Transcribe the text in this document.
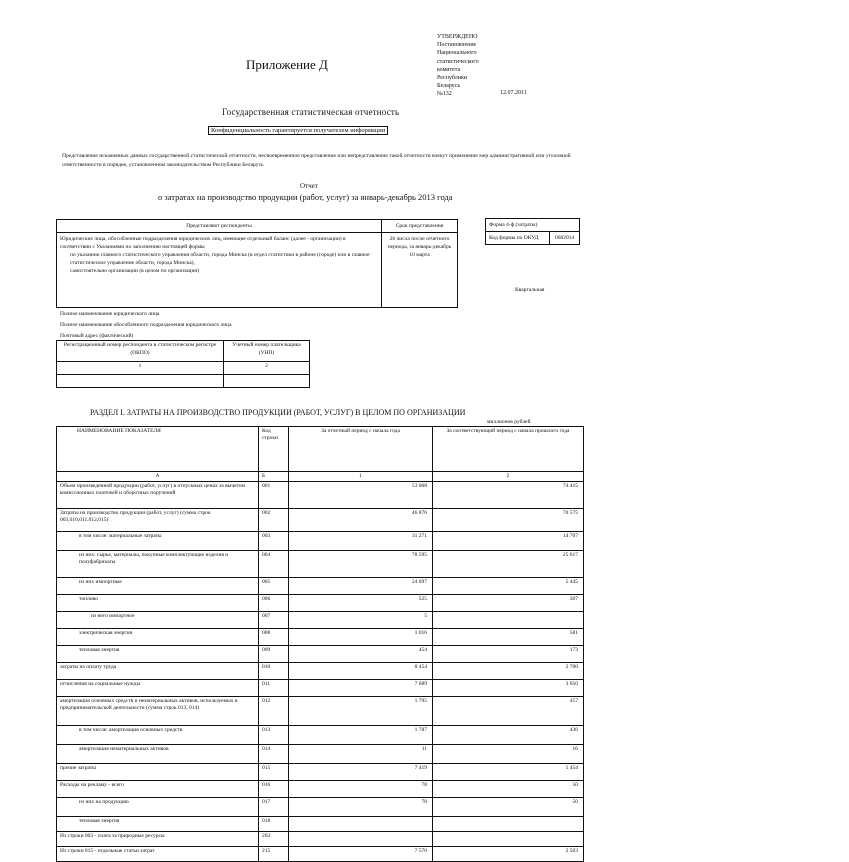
Приложение Д
УТВЕРЖДЕНО
Постановление
Национального
статистического
комитета
Республики
Беларусь
№132	12.07.2011
Государственная статистическая отчетность
Конфиденциальность гарантируется получателем информации
Представление искаженных данных государственной статистической отчетности, несвоевременное представление или непредставление такой отчетности влекут применение мер административной или уголовной ответственности в порядке, установленном законодательством Республики Беларусь
Отчет
о затратах на производство продукции (работ, услуг) за январь-декабрь 2013 года
Представляют респонденты	Срок представления

Юридические лица, обособленные подразделения юридических лиц, имеющие отдельный баланс (далее - организации) в соответствии с Указаниями по заполнению настоящей формы
по указанию главного статистического управления области, города Минска (в отдел статистики в районе (городе) или в главное статистическое управление области, города Минска),
самостоятельно организации (в целом по организации)	26 числа после отчетного периода, за январь-декабрь 10 марта
Форма 4-ф (затраты)
Код формы по ОКУД	0602014
Квартальная
Полное наименование юридического лица
Полное наименование обособленного подразделения юридического лица
Почтовый адрес (фактический)
Регистрационный номер респондента в статистическом регистре (ОКПО)	Учетный номер плательщика (УНП)
1	2

РАЗДЕЛ I. ЗАТРАТЫ НА ПРОИЗВОДСТВО ПРОДУКЦИИ (РАБОТ, УСЛУГ) В ЦЕЛОМ ПО ОРГАНИЗАЦИИ
миллионов рублей
НАИМЕНОВАНИЕ ПОКАЗАТЕЛЯ	Код строки	За отчетный период с начала года	За соответствующий период с начала прошлого года
А	Б	1	2
Объем произведенной продукции (работ, услуг) в отпускных ценах за вычетом комиссионных платежей и оборотных поручений	001	53 068	74 415
Затраты на производство продукции (работ, услуг) (сумма строк 003,010,011,012,015)	002	46 876	70 575
в том числе: материальные затраты	003	31 271	14 707
из них: сырье, материалы, покупные комплектующие изделия и полуфабрикаты	004	78 595	25 617
из них импортные	005	24 697	5 445
топливо	006	525	307
из него импортное	007	5	
электрическая энергия	008	1 016	581
тепловая энергия	009	454	173
затраты на оплату труда	010	8 454	2 700
отчисления на социальные нужды	011	7 689	3 050
амортизация основных средств и нематериальных активов, используемых в предпринимательской деятельности (сумма строк 013, 014)	012	1 795	457
в том числе: амортизация основных средств	013	1 787	436
амортизация нематериальных активов	014	11	16
прочие затраты	015	7 419	1 454
Расходы на рекламу - всего	016	78	50
из них на продукцию	017	78	50
тепловая энергия	018		
Из строки 003 - плата за природные ресурсы	203		
Из строки 015 - отдельные статьи затрат	215	7 570	2 503
